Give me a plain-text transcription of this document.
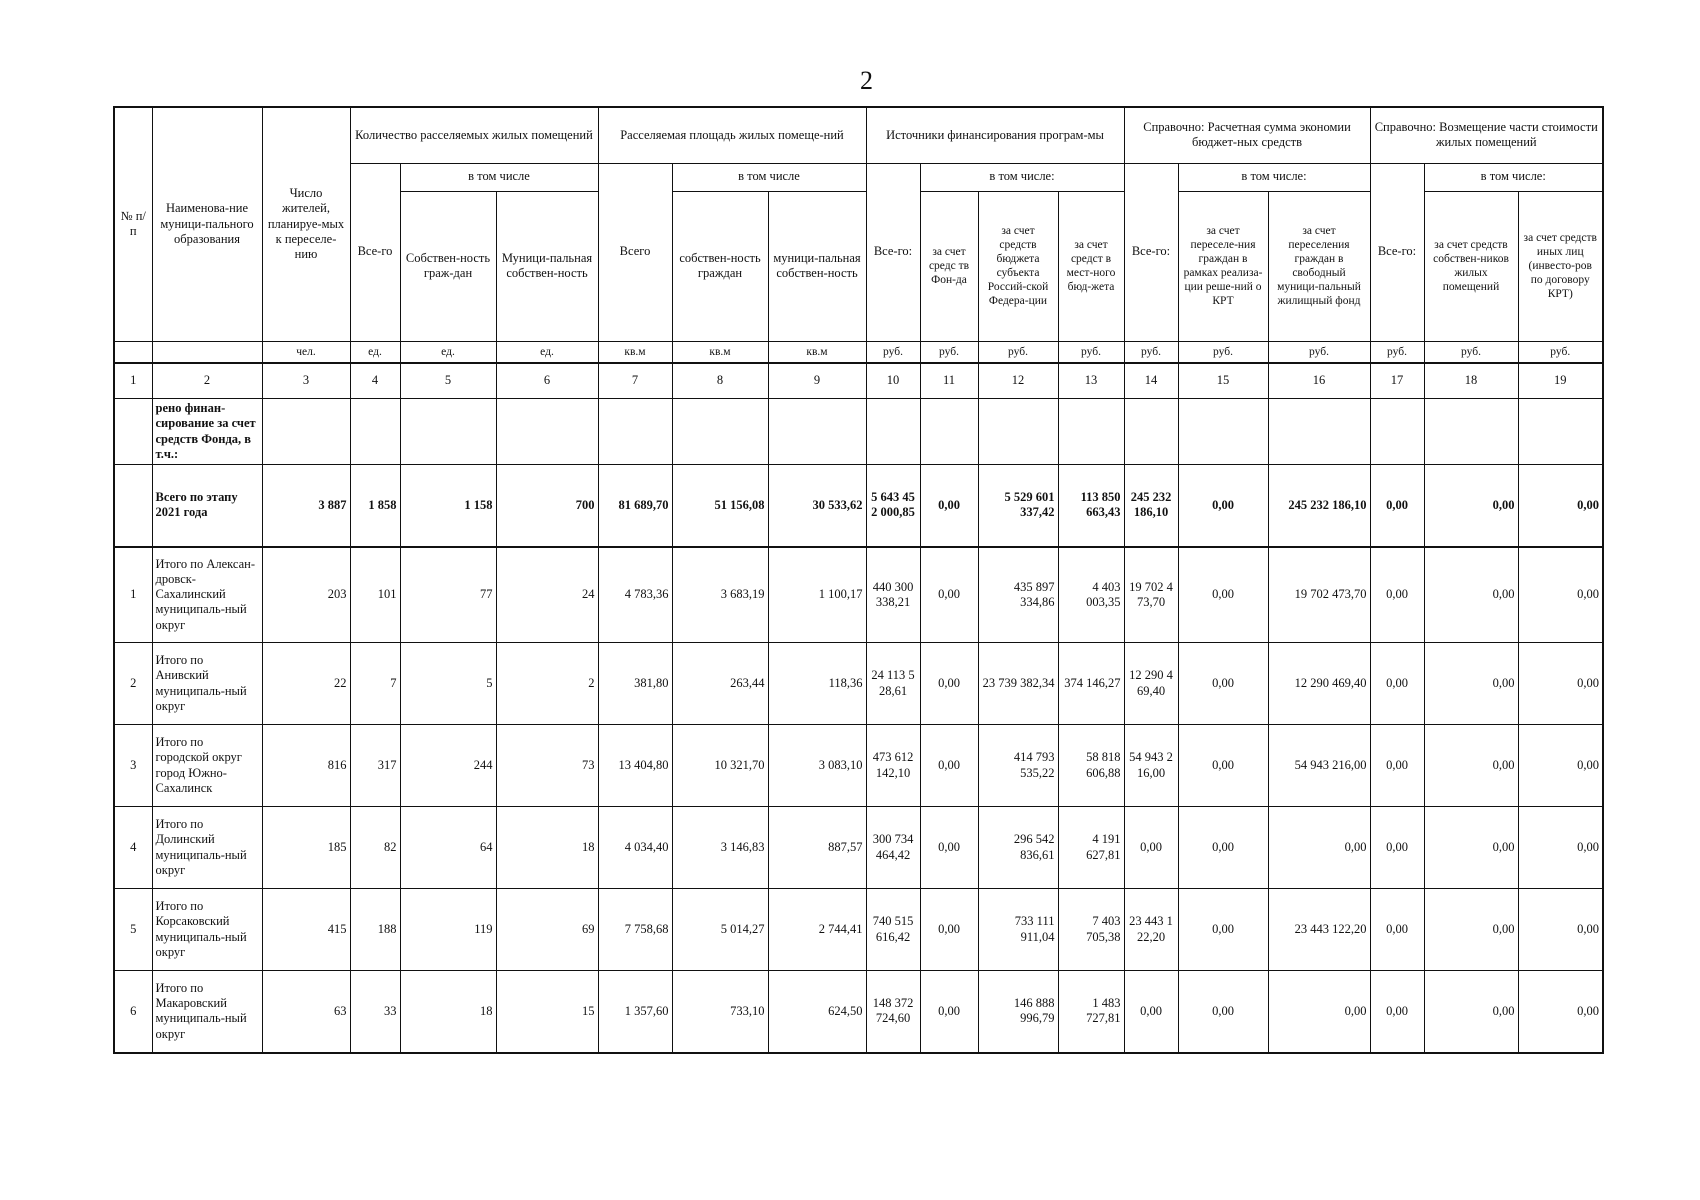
2
№ п/п	Наименова-ние муници-пального образования	Число жителей, планируе-мых к переселе-нию	Количество расселяемых жилых помещений			Расселяемая площадь жилых помеще-ний			Источники финансирования програм-мы				Справочно: Расчетная сумма экономии бюджет-ных средств			Справочно: Возмещение части стоимости жилых помещений		
			Все-го	в том числе		Всего	в том числе		Все-го:	в том числе:			Все-го:	в том числе:		Все-го:	в том числе:	
				Собствен-ность граж-дан	Муници-пальная собствен-ность		собствен-ность граждан	муници-пальная собствен-ность		за счет средс тв Фон-да	за счет средств бюджета субъекта Россий-ской Федера-ции	за счет средст в мест-ного бюд-жета		за счет переселе-ния граждан в рамках реализа-ции реше-ний о КРТ	за счет переселения граждан в свободный муници-пальный жилищный фонд		за счет средств собствен-ников жилых помещений	за счет средств иных лиц (инвесто-ров по договору КРТ)
		чел.	ед.	ед.	ед.	кв.м	кв.м	кв.м	руб.	руб.	руб.	руб.	руб.	руб.	руб.	руб.	руб.	руб.
1	2	3	4	5	6	7	8	9	10	11	12	13	14	15	16	17	18	19
	рено финан-сирование за счет средств Фонда, в т.ч.:																	
	Всего по этапу 2021 года	3 887	1 858	1 158	700	81 689,70	51 156,08	30 533,62	5 643 452 000,85	0,00	5 529 601 337,42	113 850 663,43	245 232 186,10	0,00	245 232 186,10	0,00	0,00	0,00
1	Итого по Алексан-дровск-Сахалинский муниципаль-ный округ	203	101	77	24	4 783,36	3 683,19	1 100,17	440 300 338,21	0,00	435 897 334,86	4 403 003,35	19 702 473,70	0,00	19 702 473,70	0,00	0,00	0,00
2	Итого по Анивский муниципаль-ный округ	22	7	5	2	381,80	263,44	118,36	24 113 528,61	0,00	23 739 382,34	374 146,27	12 290 469,40	0,00	12 290 469,40	0,00	0,00	0,00
3	Итого по городской округ город Южно-Сахалинск	816	317	244	73	13 404,80	10 321,70	3 083,10	473 612 142,10	0,00	414 793 535,22	58 818 606,88	54 943 216,00	0,00	54 943 216,00	0,00	0,00	0,00
4	Итого по Долинский муниципаль-ный округ	185	82	64	18	4 034,40	3 146,83	887,57	300 734 464,42	0,00	296 542 836,61	4 191 627,81	0,00	0,00	0,00	0,00	0,00	0,00
5	Итого по Корсаковский муниципаль-ный округ	415	188	119	69	7 758,68	5 014,27	2 744,41	740 515 616,42	0,00	733 111 911,04	7 403 705,38	23 443 122,20	0,00	23 443 122,20	0,00	0,00	0,00
6	Итого по Макаровский муниципаль-ный округ	63	33	18	15	1 357,60	733,10	624,50	148 372 724,60	0,00	146 888 996,79	1 483 727,81	0,00	0,00	0,00	0,00	0,00	0,00
